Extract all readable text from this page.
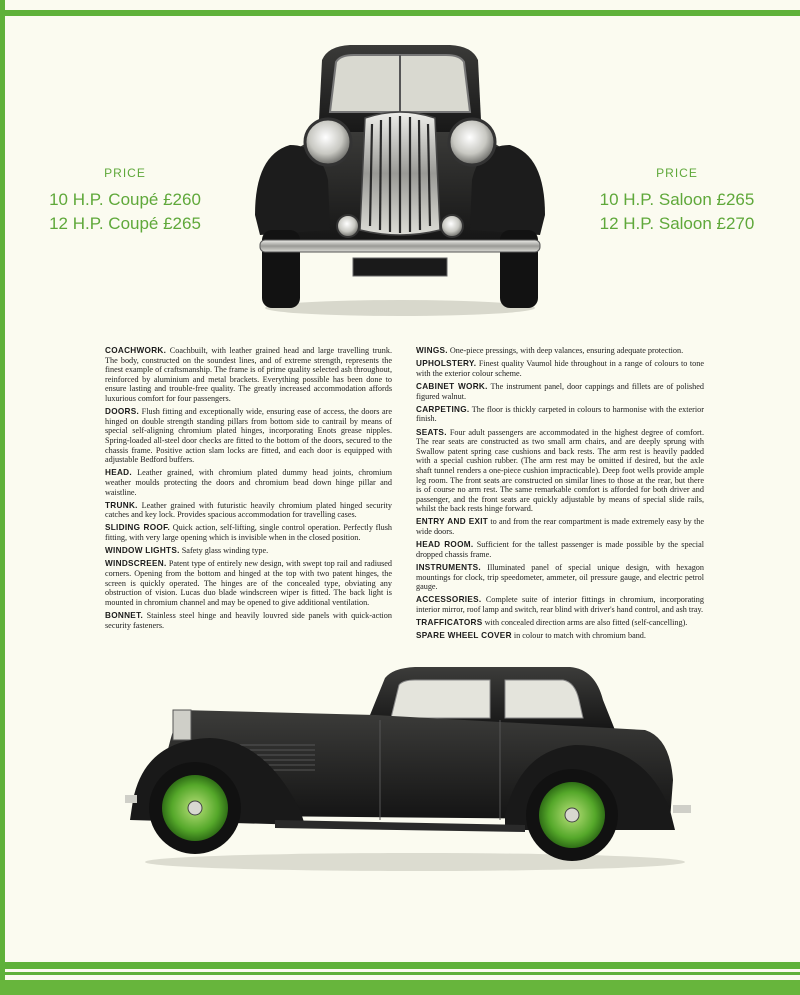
PRICE
10 H.P. Coupé £260
12 H.P. Coupé £265
PRICE
10 H.P. Saloon £265
12 H.P. Saloon £270

COACHWORK. Coachbuilt, with leather grained head and large travelling trunk. The body, constructed on the soundest lines, and of extreme strength, represents the finest example of craftsmanship. The frame is of prime quality selected ash throughout, reinforced by aluminium and metal brackets. Everything possible has been done to ensure lasting and trouble-free quality. The greatly increased accommodation affords luxurious comfort for four passengers.

DOORS. Flush fitting and exceptionally wide, ensuring ease of access, the doors are hinged on double strength standing pillars from bottom side to cantrail by means of special self-aligning chromium plated hinges, incorporating Enots grease nipples. Spring-loaded all-steel door checks are fitted to the bottom of the doors, secured to the chassis frame. Positive action slam locks are fitted, and each door is equipped with adjustable Bedford buffers.

HEAD. Leather grained, with chromium plated dummy head joints, chromium weather moulds protecting the doors and chromium bead down hinge pillar and waistline.

TRUNK. Leather grained with futuristic heavily chromium plated hinged security catches and key lock. Provides spacious accommodation for travelling cases.

SLIDING ROOF. Quick action, self-lifting, single control operation. Perfectly flush fitting, with very large opening which is invisible when in the closed position.

WINDOW LIGHTS. Safety glass winding type.

WINDSCREEN. Patent type of entirely new design, with swept top rail and radiused corners. Opening from the bottom and hinged at the top with two patent hinges, the screen is quickly operated. The hinges are of the concealed type, obviating any obstruction of vision. Lucas duo blade windscreen wiper is fitted. The back light is mounted in chromium channel and may be opened to give additional ventilation.

BONNET. Stainless steel hinge and heavily louvred side panels with quick-action security fasteners.

WINGS. One-piece pressings, with deep valances, ensuring adequate protection.

UPHOLSTERY. Finest quality Vaumol hide throughout in a range of colours to tone with the exterior colour scheme.

CABINET WORK. The instrument panel, door cappings and fillets are of polished figured walnut.

CARPETING. The floor is thickly carpeted in colours to harmonise with the exterior finish.

SEATS. Four adult passengers are accommodated in the highest degree of comfort. The rear seats are constructed as two small arm chairs, and are deeply sprung with Swallow patent spring case cushions and back rests. The arm rest is heavily padded with a special cushion rubber. (The arm rest may be omitted if desired, but the axle shaft tunnel renders a one-piece cushion impracticable). Deep foot wells provide ample leg room. The front seats are constructed on similar lines to those at the rear, but there is of course no arm rest. The same remarkable comfort is afforded for both driver and passenger, and the front seats are quickly adjustable by means of special slide rails, whilst the back rests hinge forward.

ENTRY AND EXIT to and from the rear compartment is made extremely easy by the wide doors.

HEAD ROOM. Sufficient for the tallest passenger is made possible by the special dropped chassis frame.

INSTRUMENTS. Illuminated panel of special unique design, with hexagon mountings for clock, trip speedometer, ammeter, oil pressure gauge, and electric petrol gauge.

ACCESSORIES. Complete suite of interior fittings in chromium, incorporating interior mirror, roof lamp and switch, rear blind with driver's hand control, and ash tray.

TRAFFICATORS with concealed direction arms are also fitted (self-cancelling).

SPARE WHEEL COVER in colour to match with chromium band.
